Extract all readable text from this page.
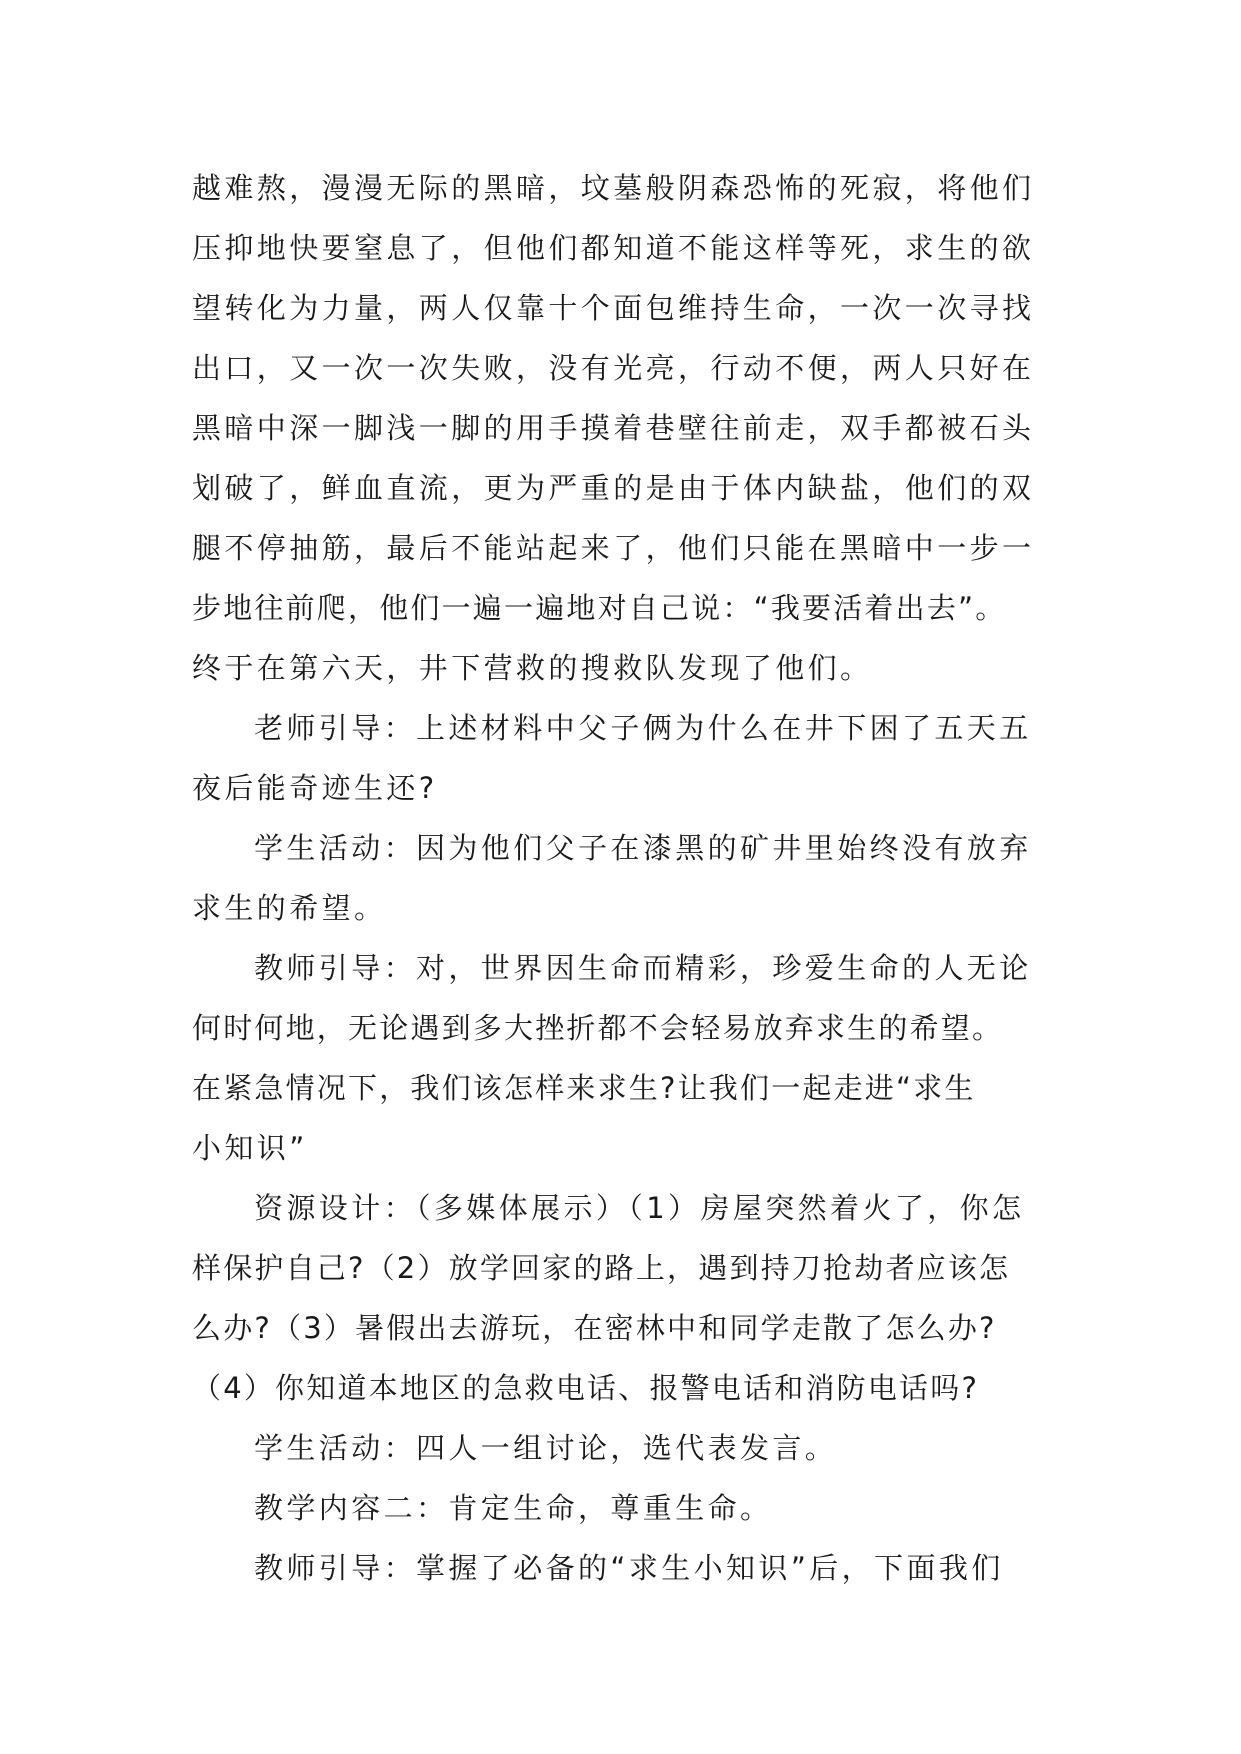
越难熬，漫漫无际的黑暗，坟墓般阴森恐怖的死寂，将他们
压抑地快要窒息了，但他们都知道不能这样等死，求生的欲
望转化为力量，两人仅靠十个面包维持生命，一次一次寻找
出口，又一次一次失败，没有光亮，行动不便，两人只好在
黑暗中深一脚浅一脚的用手摸着巷壁往前走，双手都被石头
划破了，鲜血直流，更为严重的是由于体内缺盐，他们的双
腿不停抽筋，最后不能站起来了，他们只能在黑暗中一步一
步地往前爬，他们一遍一遍地对自己说：“我要活着出去”。
终于在第六天，井下营救的搜救队发现了他们。
老师引导：上述材料中父子俩为什么在井下困了五天五
夜后能奇迹生还?
学生活动：因为他们父子在漆黑的矿井里始终没有放弃
求生的希望。
教师引导：对，世界因生命而精彩，珍爱生命的人无论
何时何地，无论遇到多大挫折都不会轻易放弃求生的希望。
在紧急情况下，我们该怎样来求生?让我们一起走进“求生
小知识”
资源设计：（多媒体展示）（1）房屋突然着火了，你怎
样保护自己?（2）放学回家的路上，遇到持刀抢劫者应该怎
么办?（3）暑假出去游玩，在密林中和同学走散了怎么办?
（4）你知道本地区的急救电话、报警电话和消防电话吗?
学生活动：四人一组讨论，选代表发言。
教学内容二：肯定生命，尊重生命。
教师引导：掌握了必备的“求生小知识”后，下面我们
